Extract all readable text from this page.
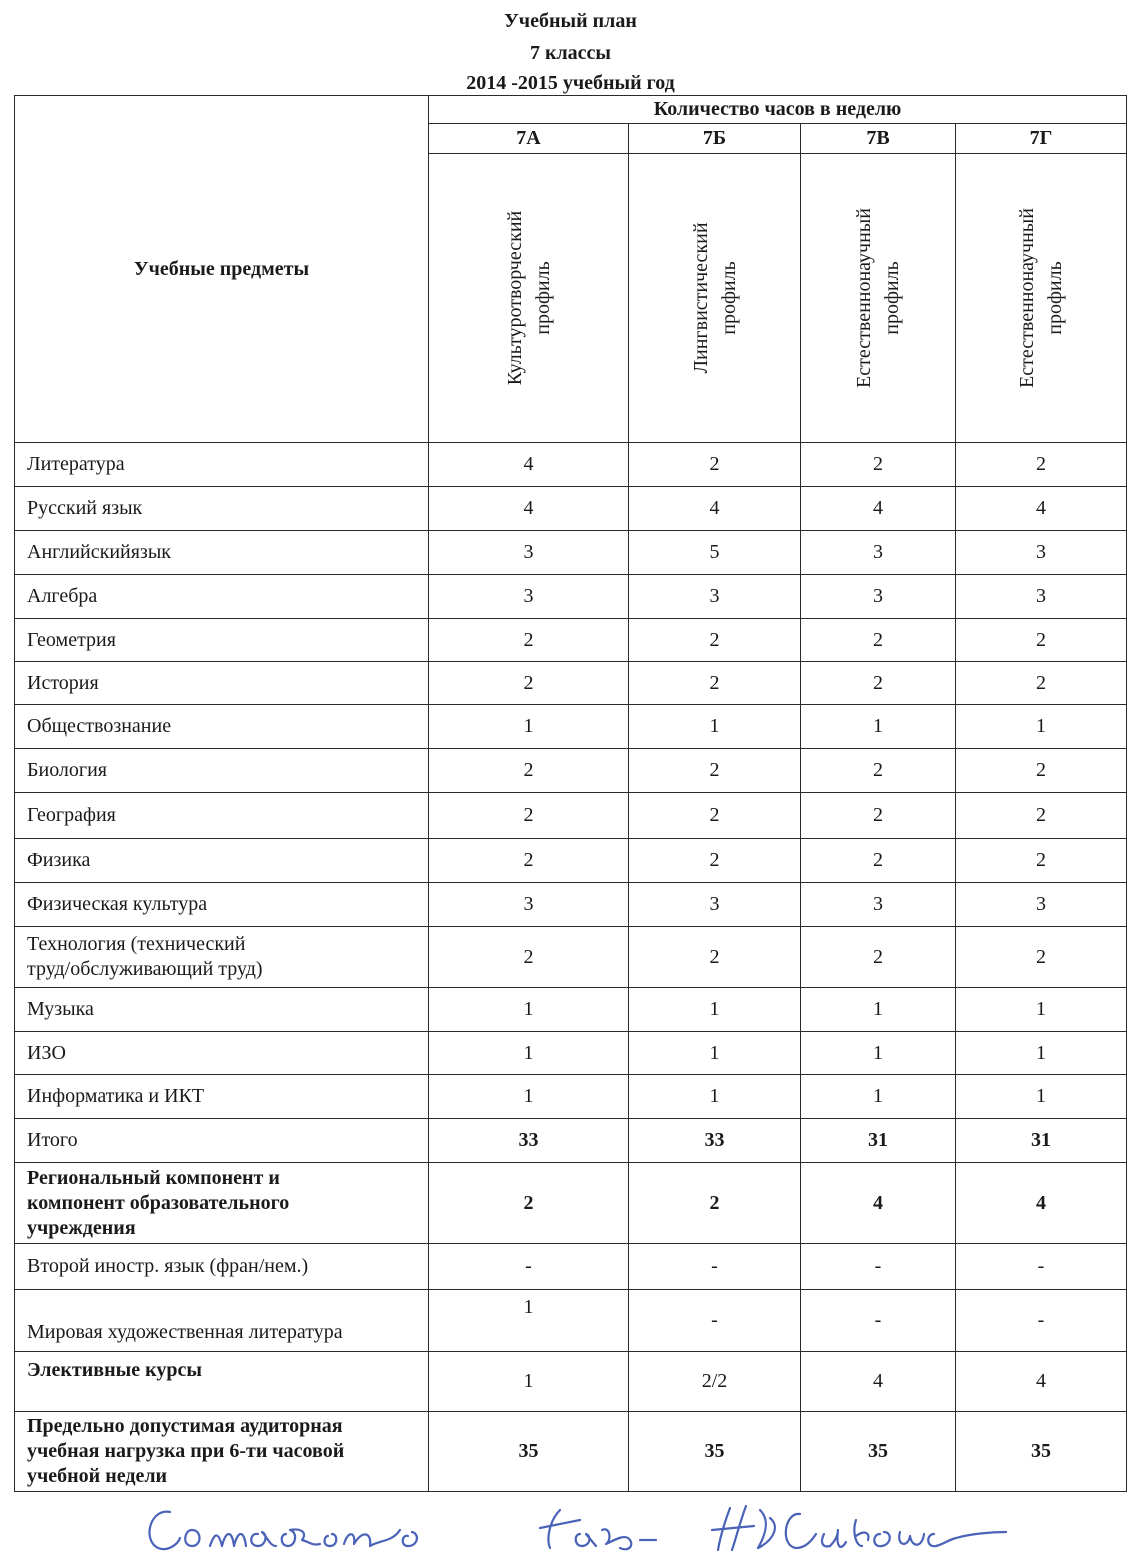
Учебный план
7 классы
2014 -2015 учебный год
Учебные предметы	Количество часов в неделю			
	7А	7Б	7В	7Г

	Культуротворческий профиль	Лингвистический профиль	Естественнонаучный профиль	Естественнонаучный профиль

Литература	4	2	2	2
Русский язык	4	4	4	4
Английскийязык	3	5	3	3
Алгебра	3	3	3	3
Геометрия	2	2	2	2
История	2	2	2	2
Обществознание	1	1	1	1
Биология	2	2	2	2
География	2	2	2	2
Физика	2	2	2	2
Физическая культура	3	3	3	3
Технология (технический
труд/обслуживающий труд)	2	2	2	2
Музыка	1	1	1	1
ИЗО	1	1	1	1
Информатика и ИКТ	1	1	1	1
Итого	33	33	31	31
Региональный компонент и
компонент образовательного
учреждения	2	2	4	4
Второй иностр. язык (фран/нем.)	-	-	-	-
Мировая художественная литература	1	-	-	-
Элективные курсы	1	2/2	4	4
Предельно допустимая аудиторная
учебная нагрузка при 6-ти часовой
учебной недели	35	35	35	35
